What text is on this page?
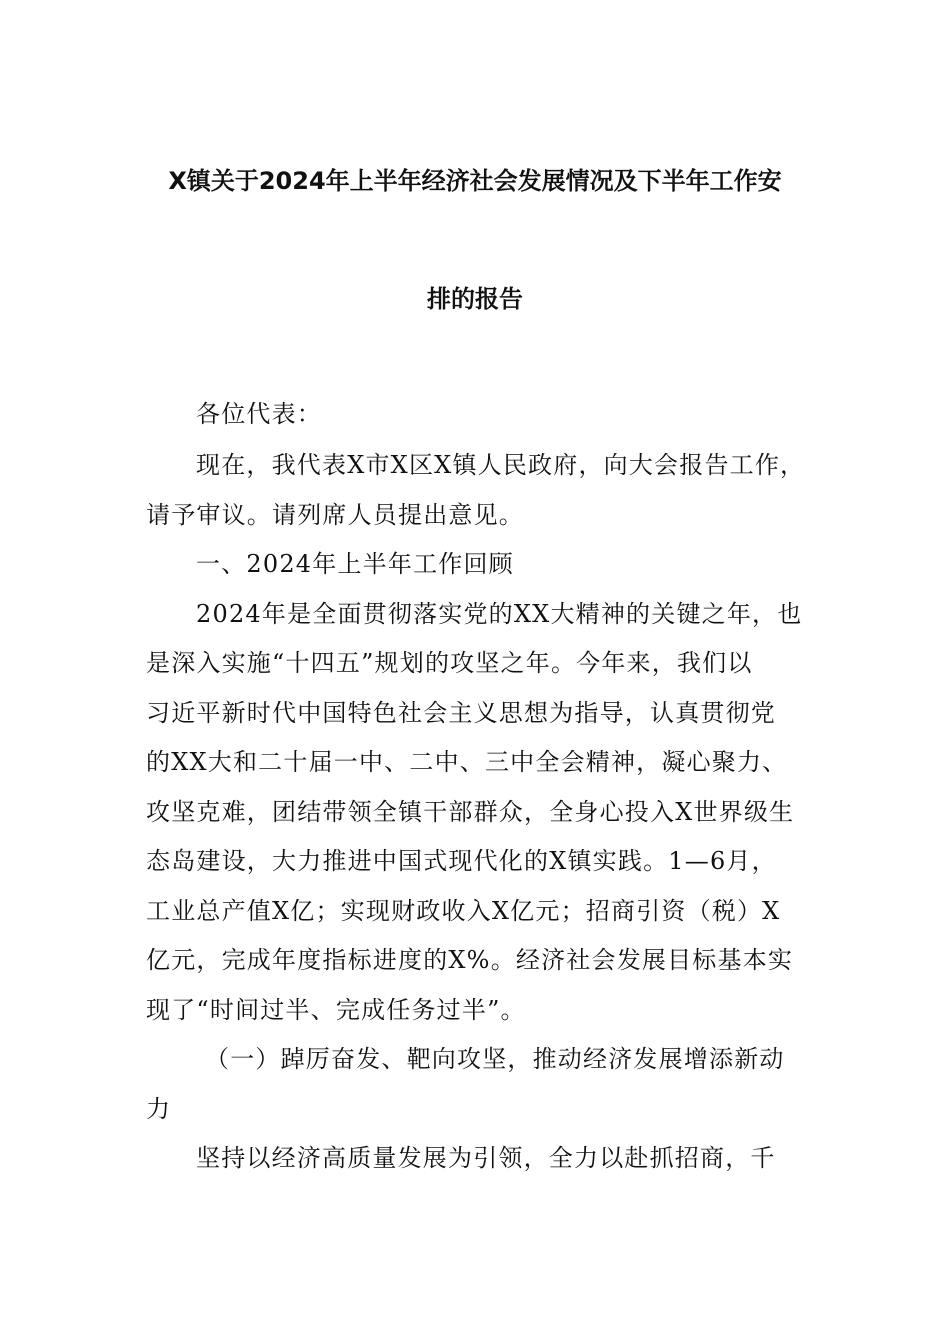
X镇关于2024年上半年经济社会发展情况及下半年工作安
排的报告
各位代表：
现在，我代表X市X区X镇人民政府，向大会报告工作，
请予审议。请列席人员提出意见。
一、2024年上半年工作回顾
2024年是全面贯彻落实党的XX大精神的关键之年，也
是深入实施“十四五”规划的攻坚之年。今年来，我们以
习近平新时代中国特色社会主义思想为指导，认真贯彻党
的XX大和二十届一中、二中、三中全会精神，凝心聚力、
攻坚克难，团结带领全镇干部群众，全身心投入X世界级生
态岛建设，大力推进中国式现代化的X镇实践。1—6月，
工业总产值X亿；实现财政收入X亿元；招商引资（税）X
亿元，完成年度指标进度的X%。经济社会发展目标基本实
现了“时间过半、完成任务过半”。
（一）踔厉奋发、靶向攻坚，推动经济发展增添新动
力
坚持以经济高质量发展为引领，全力以赴抓招商，千
